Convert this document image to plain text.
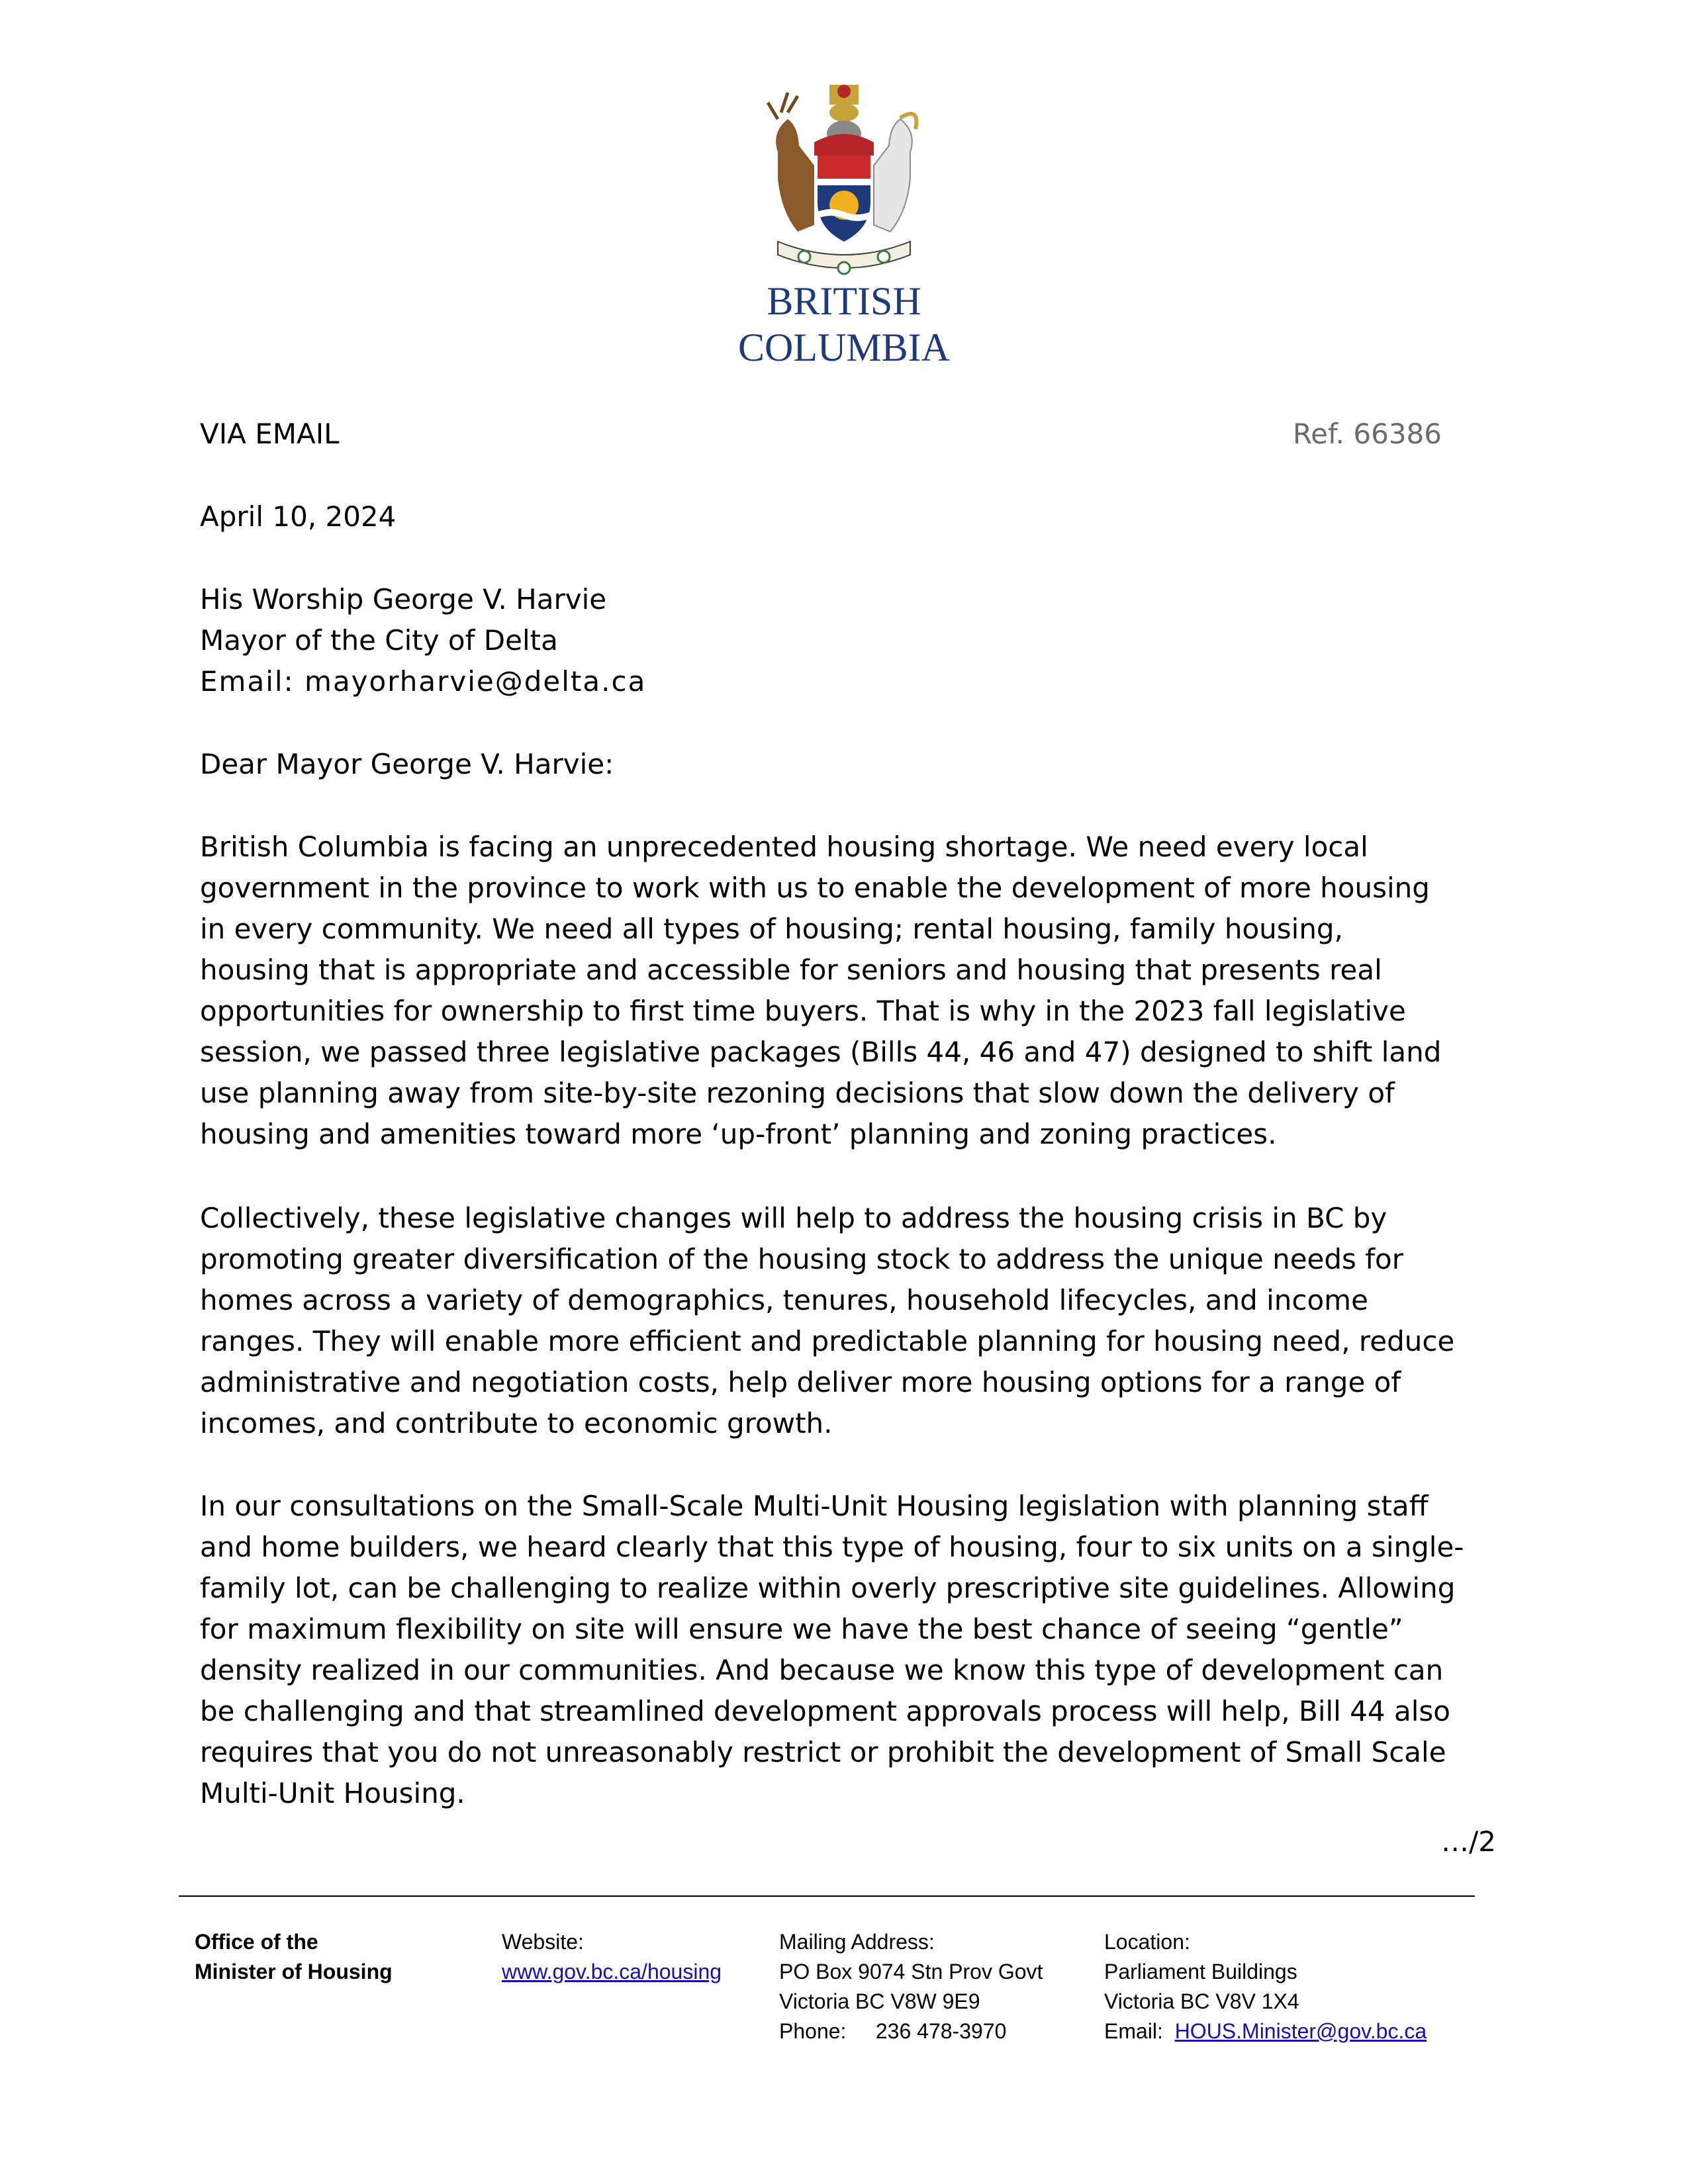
BRITISH
COLUMBIA
VIA EMAIL	Ref. 66386
April 10, 2024
His Worship George V. Harvie
Mayor of the City of Delta
Email: mayorharvie@delta.ca
Dear Mayor George V. Harvie:
British Columbia is facing an unprecedented housing shortage. We need every local
government in the province to work with us to enable the development of more housing
in every community. We need all types of housing; rental housing, family housing,
housing that is appropriate and accessible for seniors and housing that presents real
opportunities for ownership to first time buyers. That is why in the 2023 fall legislative
session, we passed three legislative packages (Bills 44, 46 and 47) designed to shift land
use planning away from site-by-site rezoning decisions that slow down the delivery of
housing and amenities toward more ‘up-front’ planning and zoning practices.
Collectively, these legislative changes will help to address the housing crisis in BC by
promoting greater diversification of the housing stock to address the unique needs for
homes across a variety of demographics, tenures, household lifecycles, and income
ranges. They will enable more efficient and predictable planning for housing need, reduce
administrative and negotiation costs, help deliver more housing options for a range of
incomes, and contribute to economic growth.
In our consultations on the Small-Scale Multi-Unit Housing legislation with planning staff
and home builders, we heard clearly that this type of housing, four to six units on a single-
family lot, can be challenging to realize within overly prescriptive site guidelines. Allowing
for maximum flexibility on site will ensure we have the best chance of seeing “gentle”
density realized in our communities. And because we know this type of development can
be challenging and that streamlined development approvals process will help, Bill 44 also
requires that you do not unreasonably restrict or prohibit the development of Small Scale
Multi-Unit Housing.
…/2
Office of the
Minister of Housing
Website:
www.gov.bc.ca/housing
Mailing Address:
PO Box 9074 Stn Prov Govt
Victoria BC V8W 9E9
Phone:     236 478-3970
Location:
Parliament Buildings
Victoria BC V8V 1X4
Email: HOUS.Minister@gov.bc.ca
